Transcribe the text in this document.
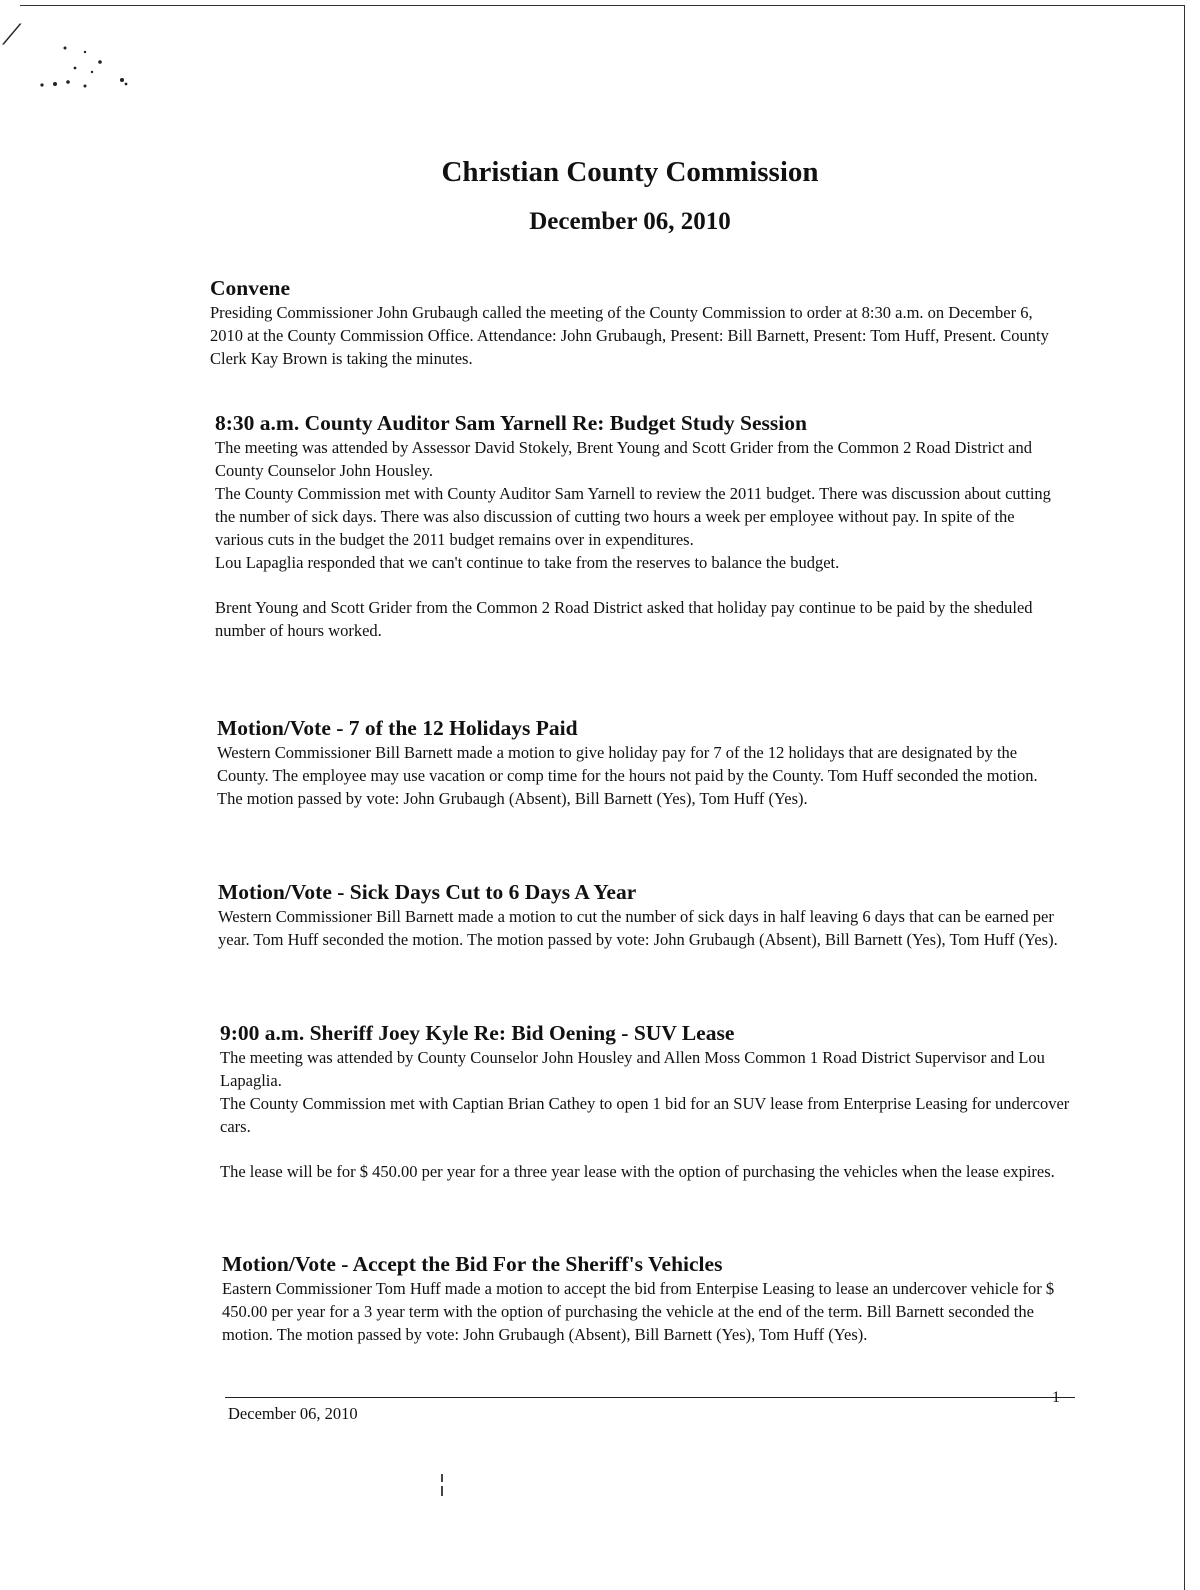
⟋
Christian County Commission
December 06, 2010
Convene

Presiding Commissioner John Grubaugh called the meeting of the County Commission to order at 8:30 a.m. on December 6, 2010 at the County Commission Office. Attendance: John Grubaugh, Present: Bill Barnett, Present: Tom Huff, Present. County Clerk Kay Brown is taking the minutes.

8:30 a.m. County Auditor Sam Yarnell Re: Budget Study Session

The meeting was attended by Assessor David Stokely, Brent Young and Scott Grider from the Common 2 Road District and County Counselor John Housley.

The County Commission met with County Auditor Sam Yarnell to review the 2011 budget. There was discussion about cutting the number of sick days. There was also discussion of cutting two hours a week per employee without pay. In spite of the various cuts in the budget the 2011 budget remains over in expenditures.

Lou Lapaglia responded that we can't continue to take from the reserves to balance the budget.

Brent Young and Scott Grider from the Common 2 Road District asked that holiday pay continue to be paid by the sheduled number of hours worked.

Motion/Vote - 7 of the 12 Holidays Paid

Western Commissioner Bill Barnett made a motion to give holiday pay for 7 of the 12 holidays that are designated by the County. The employee may use vacation or comp time for the hours not paid by the County. Tom Huff seconded the motion. The motion passed by vote: John Grubaugh (Absent), Bill Barnett (Yes), Tom Huff (Yes).

Motion/Vote - Sick Days Cut to 6 Days A Year

Western Commissioner Bill Barnett made a motion to cut the number of sick days in half leaving 6 days that can be earned per year. Tom Huff seconded the motion. The motion passed by vote: John Grubaugh (Absent), Bill Barnett (Yes), Tom Huff (Yes).

9:00 a.m. Sheriff Joey Kyle Re: Bid Oening - SUV Lease

The meeting was attended by County Counselor John Housley and Allen Moss Common 1 Road District Supervisor and Lou Lapaglia.

The County Commission met with Captian Brian Cathey to open 1 bid for an SUV lease from Enterprise Leasing for undercover cars.

The lease will be for $ 450.00 per year for a three year lease with the option of purchasing the vehicles when the lease expires.

Motion/Vote - Accept the Bid For the Sheriff's Vehicles

Eastern Commissioner Tom Huff made a motion to accept the bid from Enterpise Leasing to lease an undercover vehicle for $ 450.00 per year for a 3 year term with the option of purchasing the vehicle at the end of the term. Bill Barnett seconded the motion. The motion passed by vote: John Grubaugh (Absent), Bill Barnett (Yes), Tom Huff (Yes).

December 06, 2010
1
